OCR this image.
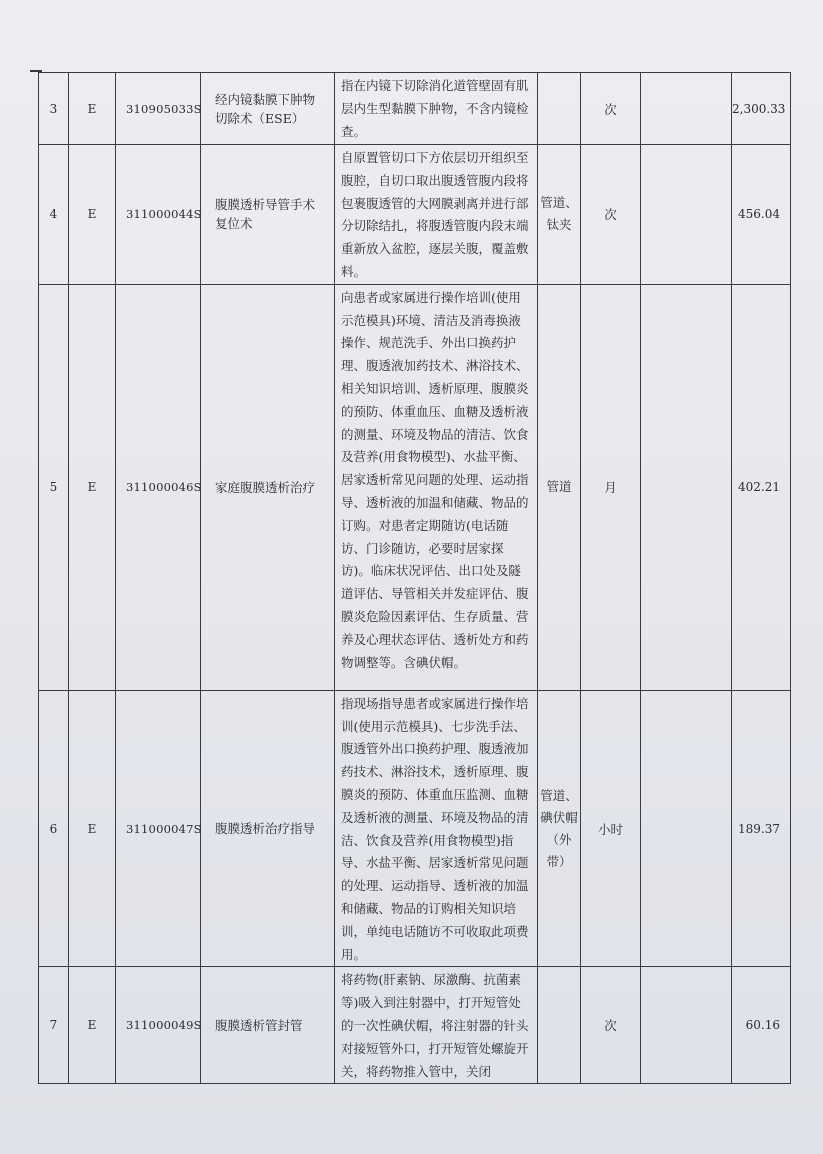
3	E	310905033S	经内镜黏膜下肿物切除术（ESE）	指在内镜下切除消化道管壁固有肌层内生型黏膜下肿物，不含内镜检查。		次		2,300.33
4	E	311000044S	腹膜透析导管手术复位术	自原置管切口下方依层切开组织至腹腔，自切口取出腹透管腹内段将包裹腹透管的大网膜剥离并进行部分切除结扎，将腹透管腹内段末端重新放入盆腔，逐层关腹，覆盖敷料。	管道、钛夹	次		456.04
5	E	311000046S	家庭腹膜透析治疗	向患者或家属进行操作培训(使用示范模具)环境、清洁及消毒换液操作、规范洗手、外出口换药护理、腹透液加药技术、淋浴技术、相关知识培训、透析原理、腹膜炎的预防、体重血压、血糖及透析液的测量、环境及物品的清洁、饮食及营养(用食物模型)、水盐平衡、居家透析常见问题的处理、运动指导、透析液的加温和储藏、物品的订购。对患者定期随访(电话随访、门诊随访，必要时居家探访)。临床状况评估、出口处及隧道评估、导管相关并发症评估、腹膜炎危险因素评估、生存质量、营养及心理状态评估、透析处方和药物调整等。含碘伏帽。	管道	月		402.21
6	E	311000047S	腹膜透析治疗指导	指现场指导患者或家属进行操作培训(使用示范模具)、七步洗手法、腹透管外出口换药护理、腹透液加药技术、淋浴技术，透析原理、腹膜炎的预防、体重血压监测、血糖及透析液的测量、环境及物品的清洁、饮食及营养(用食物模型)指导、水盐平衡、居家透析常见问题的处理、运动指导、透析液的加温和储藏、物品的订购相关知识培训，单纯电话随访不可收取此项费用。	管道、碘伏帽（外带）	小时		189.37
7	E	311000049S	腹膜透析管封管	将药物(肝素钠、尿激酶、抗菌素等)吸入到注射器中，打开短管处的一次性碘伏帽，将注射器的针头对接短管外口，打开短管处螺旋开关，将药物推入管中，关闭		次		60.16
